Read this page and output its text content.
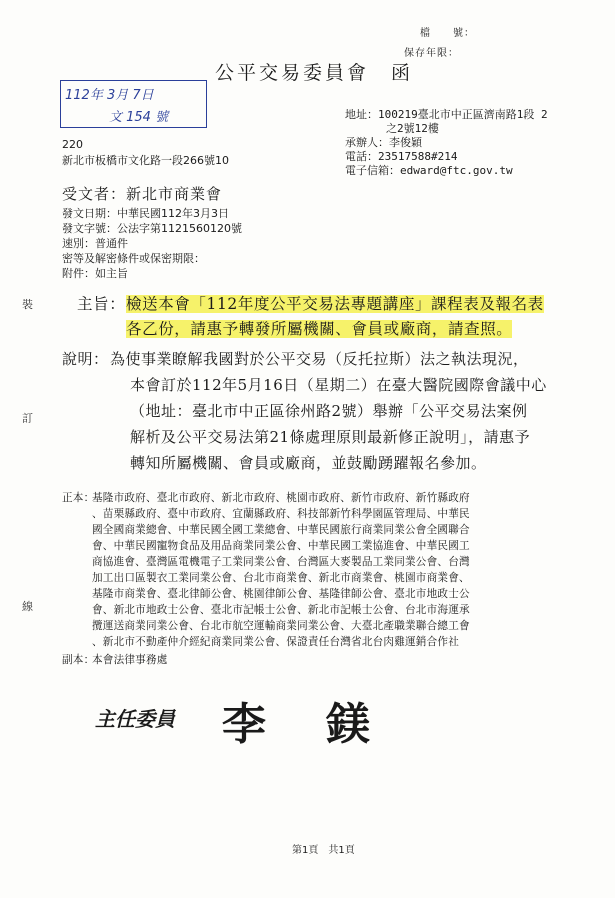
檔　　號：
保存年限：
公平交易委員會　函
112年 3月 7日
文 154 號
220
新北市板橋市文化路一段266號10
地址：100219臺北市中正區濟南路1段 2
之2號12樓
承辦人：李俊穎
電話：23517588#214
電子信箱：edward@ftc.gov.tw
受文者：新北市商業會
發文日期：中華民國112年3月3日
發文字號：公法字第1121560120號
速別：普通件
密等及解密條件或保密期限：
附件：如主旨
裝
訂
線
主旨： 檢送本會「112年度公平交易法專題講座」課程表及報名表
各乙份，請惠予轉發所屬機關、會員或廠商，請查照。
說明： 為使事業瞭解我國對於公平交易（反托拉斯）法之執法現況，
本會訂於112年5月16日（星期二）在臺大醫院國際會議中心
（地址：臺北市中正區徐州路2號）舉辦「公平交易法案例
解析及公平交易法第21條處理原則最新修正說明」，請惠予
轉知所屬機關、會員或廠商，並鼓勵踴躍報名參加。
正本：
基隆市政府、臺北市政府、新北市政府、桃園市政府、新竹市政府、新竹縣政府
、苗栗縣政府、臺中市政府、宜蘭縣政府、科技部新竹科學園區管理局、中華民
國全國商業總會、中華民國全國工業總會、中華民國旅行商業同業公會全國聯合
會、中華民國寵物食品及用品商業同業公會、中華民國工業協進會、中華民國工
商協進會、臺灣區電機電子工業同業公會、台灣區大麥製品工業同業公會、台灣
加工出口區製衣工業同業公會、台北市商業會、新北市商業會、桃園市商業會、
基隆市商業會、臺北律師公會、桃園律師公會、基隆律師公會、臺北市地政士公
會、新北市地政士公會、臺北市記帳士公會、新北市記帳士公會、台北市海運承
攬運送商業同業公會、台北市航空運輸商業同業公會、大臺北產職業聯合總工會
、新北市不動產仲介經紀商業同業公會、保證責任台灣省北台肉雞運銷合作社
副本：
本會法律事務處
主任委員 李鎂
第1頁　共1頁
